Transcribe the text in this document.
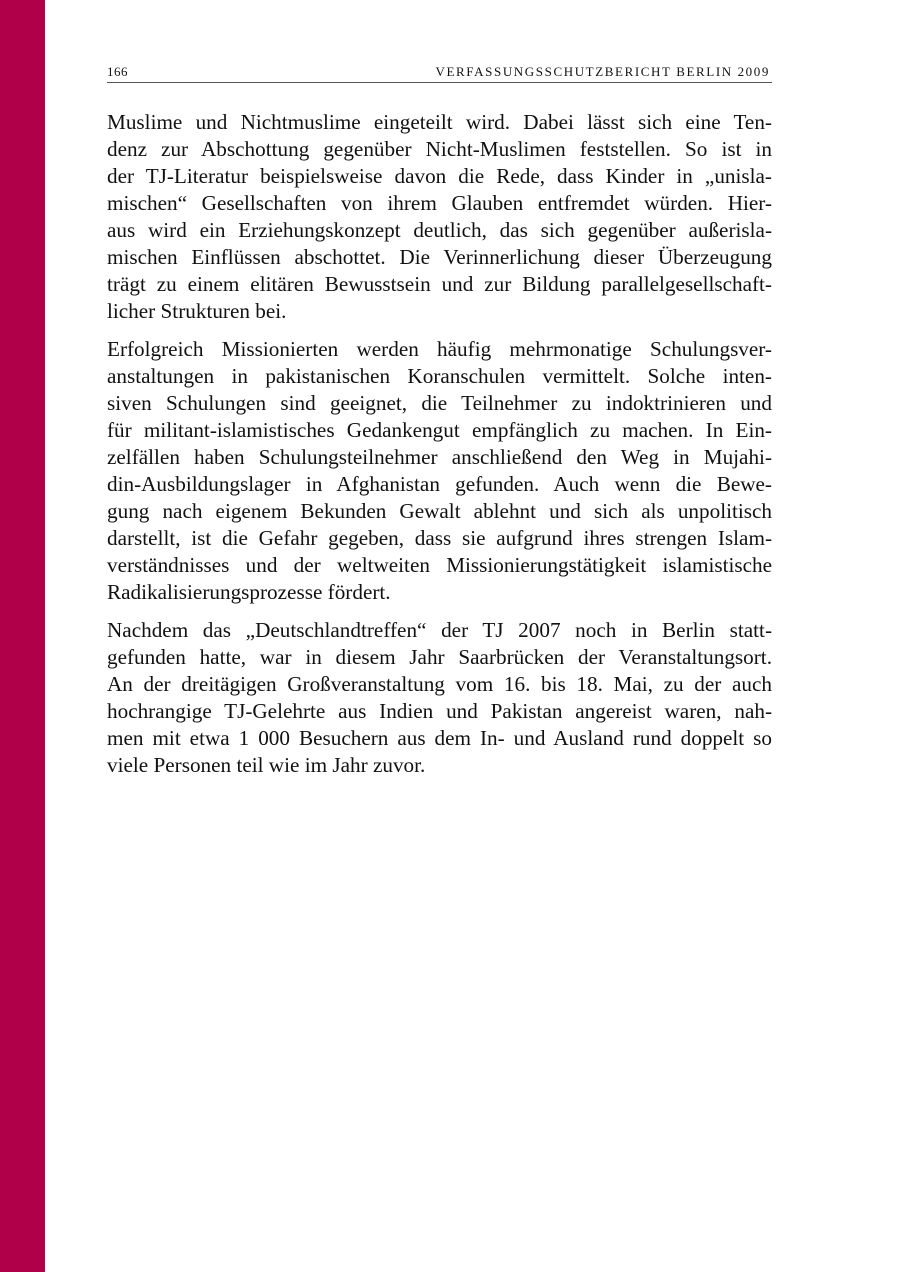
166	VERFASSUNGSSCHUTZBERICHT BERLIN 2009

Muslime und Nichtmuslime eingeteilt wird. Dabei lässt sich eine Ten-
denz zur Abschottung gegenüber Nicht-Muslimen feststellen. So ist in
der TJ-Literatur beispielsweise davon die Rede, dass Kinder in „unisla-
mischen“ Gesellschaften von ihrem Glauben entfremdet würden. Hier-
aus wird ein Erziehungskonzept deutlich, das sich gegenüber außerisla-
mischen Einflüssen abschottet. Die Verinnerlichung dieser Überzeugung
trägt zu einem elitären Bewusstsein und zur Bildung parallelgesellschaft-
licher Strukturen bei.

Erfolgreich Missionierten werden häufig mehrmonatige Schulungsver-
anstaltungen in pakistanischen Koranschulen vermittelt. Solche inten-
siven Schulungen sind geeignet, die Teilnehmer zu indoktrinieren und
für militant-islamistisches Gedankengut empfänglich zu machen. In Ein-
zelfällen haben Schulungsteilnehmer anschließend den Weg in Mujahi-
din-Ausbildungslager in Afghanistan gefunden. Auch wenn die Bewe-
gung nach eigenem Bekunden Gewalt ablehnt und sich als unpolitisch
darstellt, ist die Gefahr gegeben, dass sie aufgrund ihres strengen Islam-
verständnisses und der weltweiten Missionierungstätigkeit islamistische
Radikalisierungsprozesse fördert.

Nachdem das „Deutschlandtreffen“ der TJ 2007 noch in Berlin statt-
gefunden hatte, war in diesem Jahr Saarbrücken der Veranstaltungsort.
An der dreitägigen Großveranstaltung vom 16. bis 18. Mai, zu der auch
hochrangige TJ-Gelehrte aus Indien und Pakistan angereist waren, nah-
men mit etwa 1 000 Besuchern aus dem In- und Ausland rund doppelt so
viele Personen teil wie im Jahr zuvor.
